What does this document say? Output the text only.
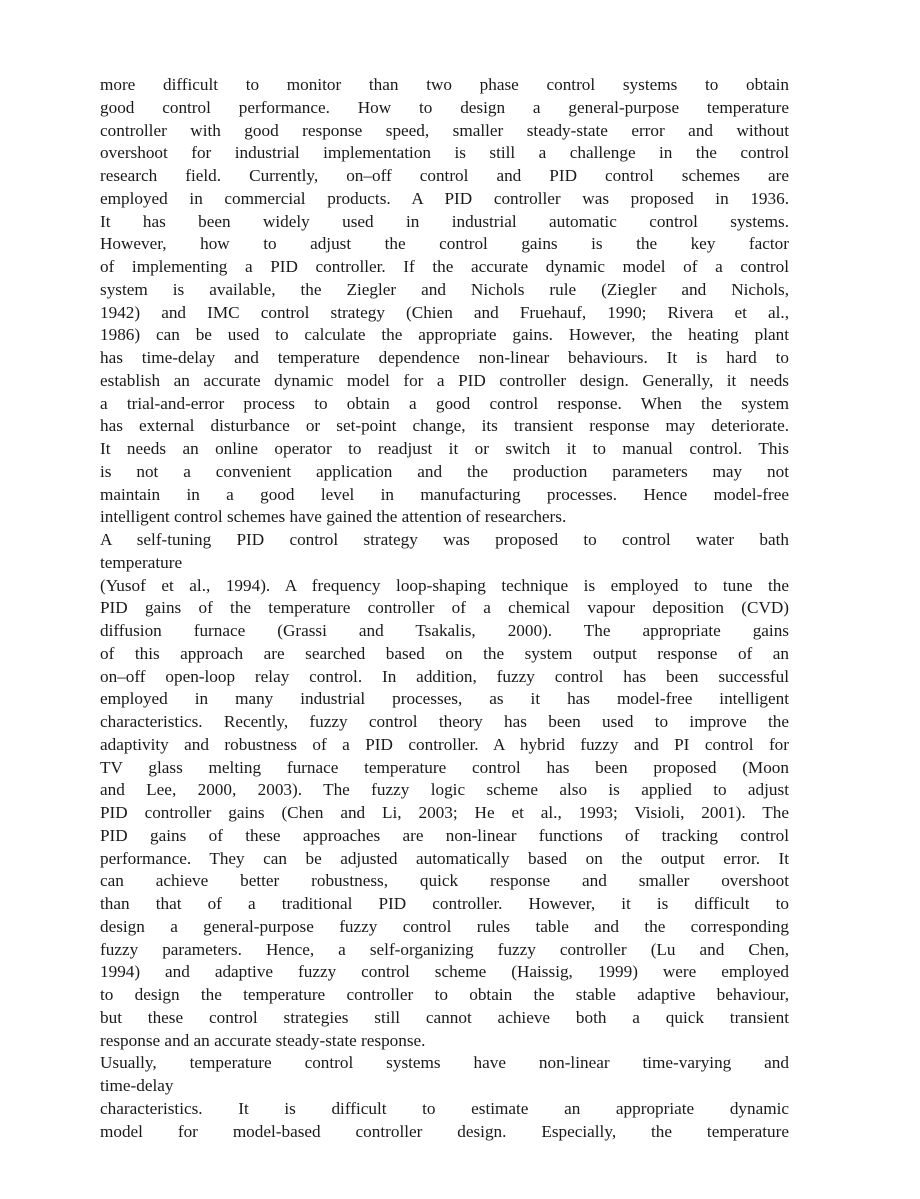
more difficult to monitor than two phase control systems to obtain
good control performance. How to design a general-purpose temperature
controller with good response speed, smaller steady-state error and without
overshoot for industrial implementation is still a challenge in the control
research field. Currently, on–off control and PID control schemes are
employed in commercial products. A PID controller was proposed in 1936.
It has been widely used in industrial automatic control systems.
However, how to adjust the control gains is the key factor
of implementing a PID controller. If the accurate dynamic model of a control
system is available, the Ziegler and Nichols rule (Ziegler and Nichols,
1942) and IMC control strategy (Chien and Fruehauf, 1990; Rivera et al.,
1986) can be used to calculate the appropriate gains. However, the heating plant
has time-delay and temperature dependence non-linear behaviours. It is hard to
establish an accurate dynamic model for a PID controller design. Generally, it needs
a trial-and-error process to obtain a good control response. When the system
has external disturbance or set-point change, its transient response may deteriorate.
It needs an online operator to readjust it or switch it to manual control. This
is not a convenient application and the production parameters may not
maintain in a good level in manufacturing processes. Hence model-free
intelligent control schemes have gained the attention of researchers.
A self-tuning PID control strategy was proposed to control water bath
temperature
(Yusof et al., 1994). A frequency loop-shaping technique is employed to tune the
PID gains of the temperature controller of a chemical vapour deposition (CVD)
diffusion furnace (Grassi and Tsakalis, 2000). The appropriate gains
of this approach are searched based on the system output response of an
on–off open-loop relay control. In addition, fuzzy control has been successful
employed in many industrial processes, as it has model-free intelligent
characteristics. Recently, fuzzy control theory has been used to improve the
adaptivity and robustness of a PID controller. A hybrid fuzzy and PI control for
TV glass melting furnace temperature control has been proposed (Moon
and Lee, 2000, 2003). The fuzzy logic scheme also is applied to adjust
PID controller gains (Chen and Li, 2003; He et al., 1993; Visioli, 2001). The
PID gains of these approaches are non-linear functions of tracking control
performance. They can be adjusted automatically based on the output error. It
can achieve better robustness, quick response and smaller overshoot
than that of a traditional PID controller. However, it is difficult to
design a general-purpose fuzzy control rules table and the corresponding
fuzzy parameters. Hence, a self-organizing fuzzy controller (Lu and Chen,
1994) and adaptive fuzzy control scheme (Haissig, 1999) were employed
to design the temperature controller to obtain the stable adaptive behaviour,
but these control strategies still cannot achieve both a quick transient
response and an accurate steady-state response.
Usually, temperature control systems have non-linear time-varying and
time-delay
characteristics. It is difficult to estimate an appropriate dynamic
model for model-based controller design. Especially, the temperature
